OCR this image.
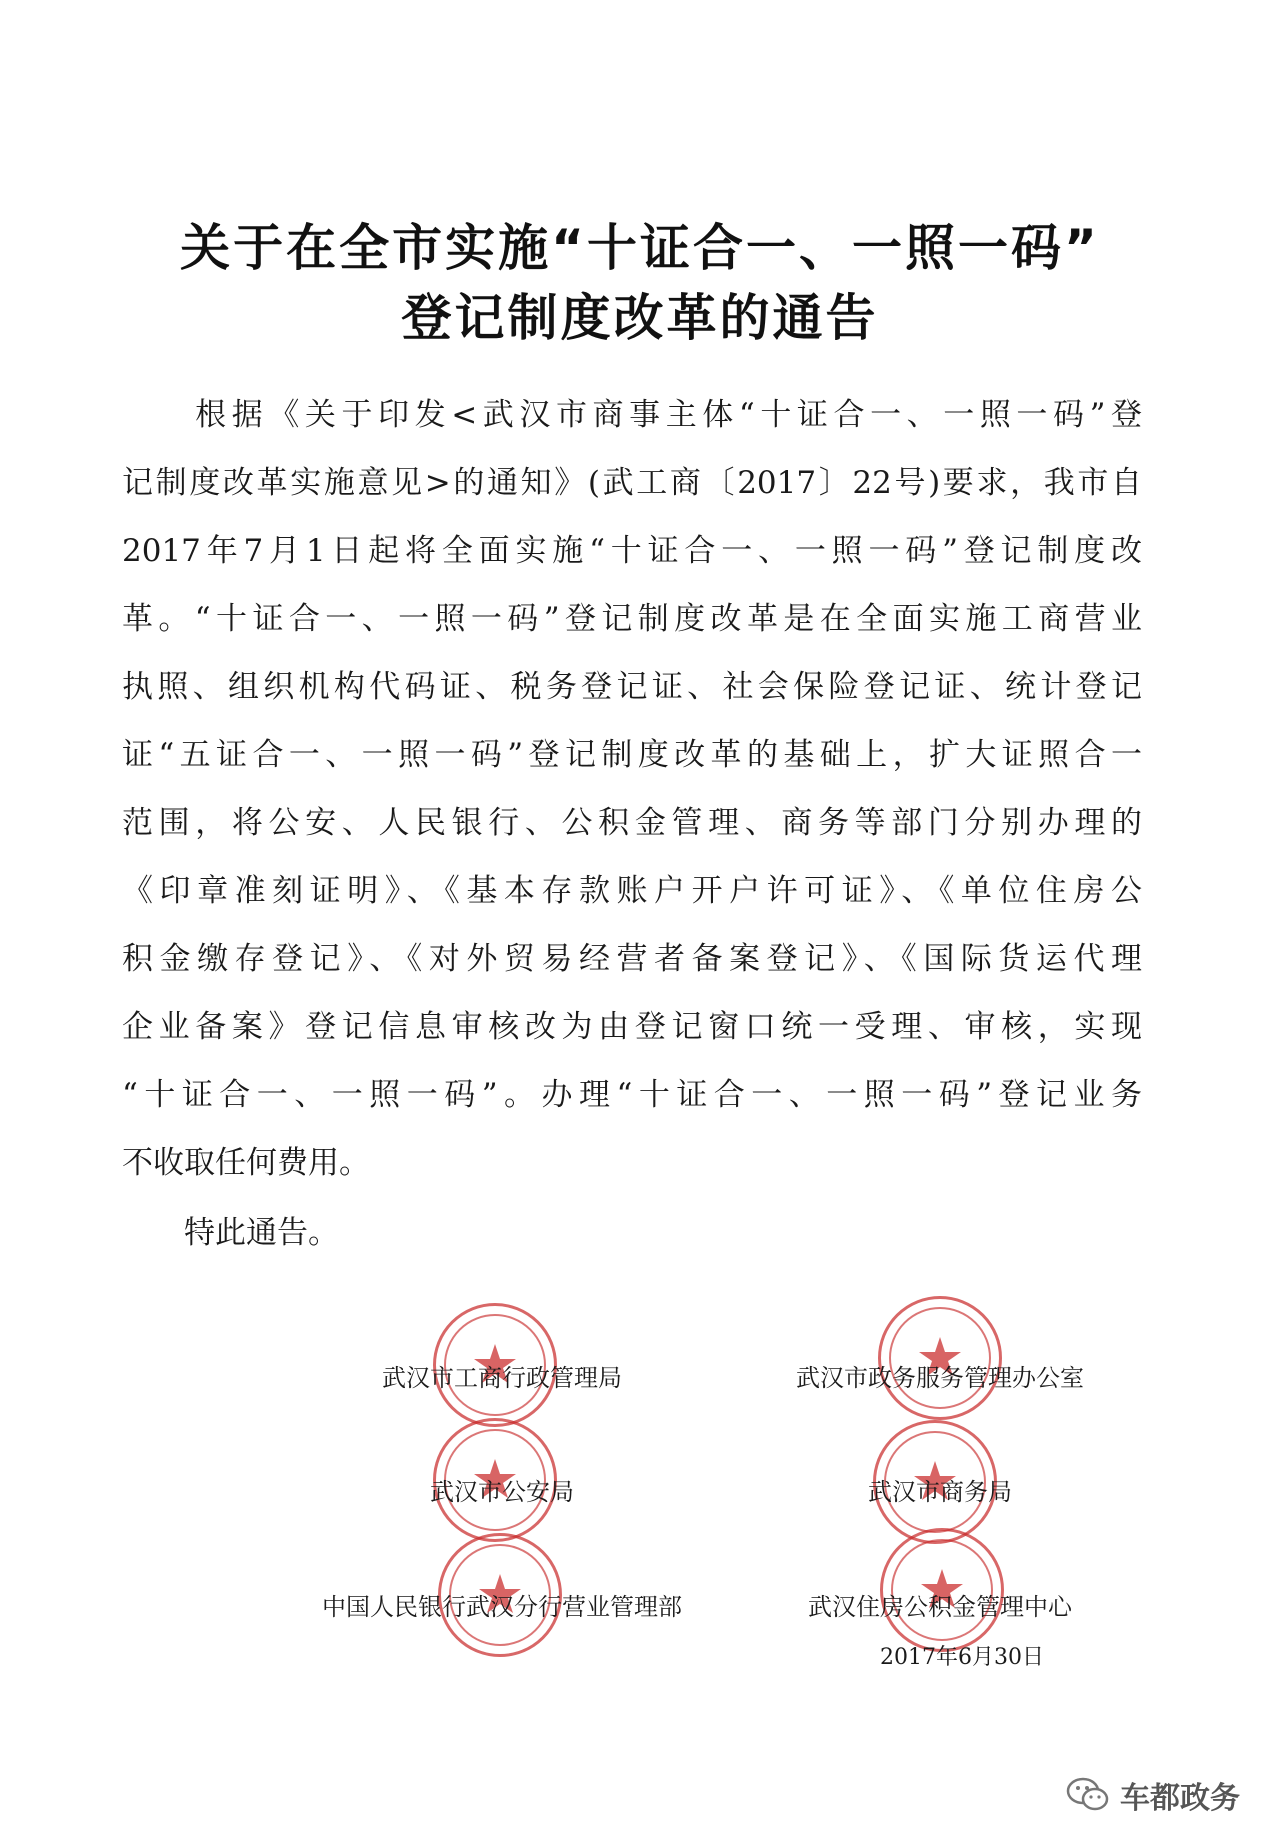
关于在全市实施“十证合一、一照一码”
登记制度改革的通告
　　根据《关于印发<武汉市商事主体“十证合一、一照一码”登
记制度改革实施意见>的通知》(武工商〔2017〕22号)要求，我市自
2017年7月1日起将全面实施“十证合一、一照一码”登记制度改
革。“十证合一、一照一码”登记制度改革是在全面实施工商营业
执照、组织机构代码证、税务登记证、社会保险登记证、统计登记
证“五证合一、一照一码”登记制度改革的基础上，扩大证照合一
范围，将公安、人民银行、公积金管理、商务等部门分别办理的
《印章准刻证明》、《基本存款账户开户许可证》、《单位住房公
积金缴存登记》、《对外贸易经营者备案登记》、《国际货运代理
企业备案》登记信息审核改为由登记窗口统一受理、审核，实现
“十证合一、一照一码”。办理“十证合一、一照一码”登记业务
不收取任何费用。
　　特此通告。
武汉市工商行政管理局	武汉市政务服务管理办公室
武汉市公安局	武汉市商务局
中国人民银行武汉分行营业管理部	武汉住房公积金管理中心
2017年6月30日
车都政务
